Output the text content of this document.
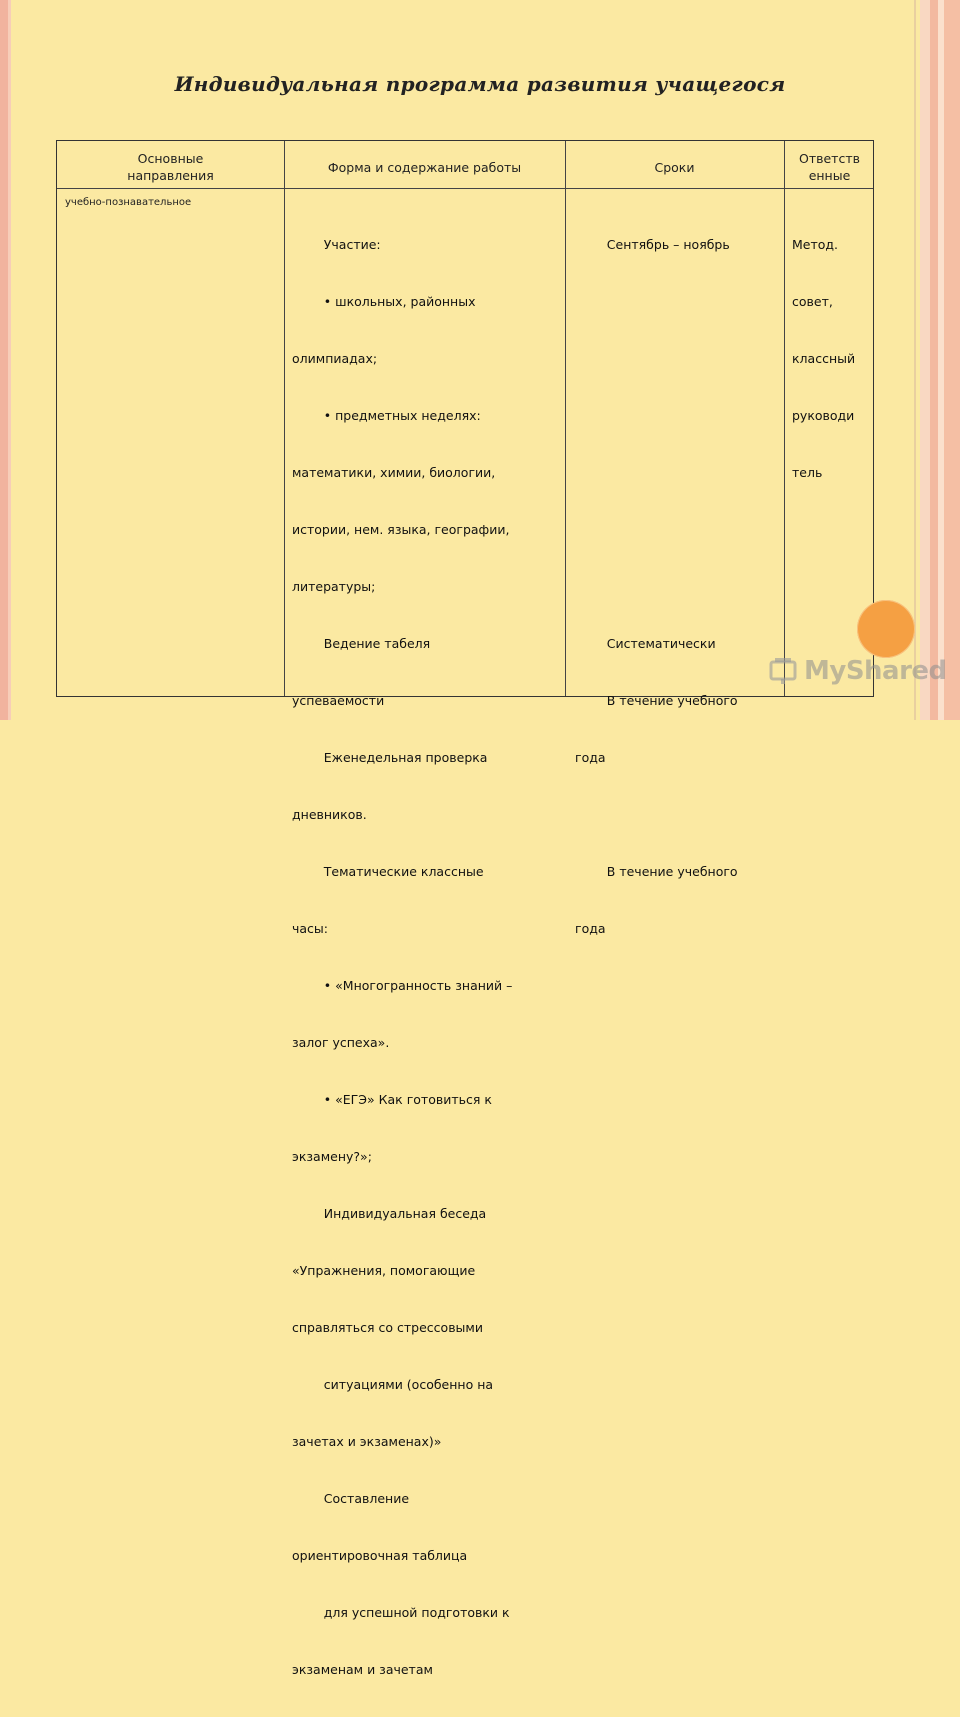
Индивидуальная программа развития учащегося
Основные
направления
Форма и содержание работы	Сроки
Ответств
енные
учебно-познавательное

Участие:

• школьных, районных

олимпиадах;

• предметных неделях:

математики, химии, биологии,

истории, нем. языка, географии,

литературы;

Ведение табеля

успеваемости

Еженедельная проверка

дневников.

Тематические классные

часы:

• «Многогранность знаний –

залог успеха».

• «ЕГЭ» Как готовиться к

экзамену?»;

Индивидуальная беседа

«Упражнения, помогающие

справляться со стрессовыми

ситуациями (особенно на

зачетах и экзаменах)»

Составление

ориентировочная таблица

для успешной подготовки к

экзаменам и зачетам

Сентябрь – ноябрь

Систематически

В течение учебного

года

В течение учебного

года

Метод.

совет,

классный

руководи

тель

MyShared
